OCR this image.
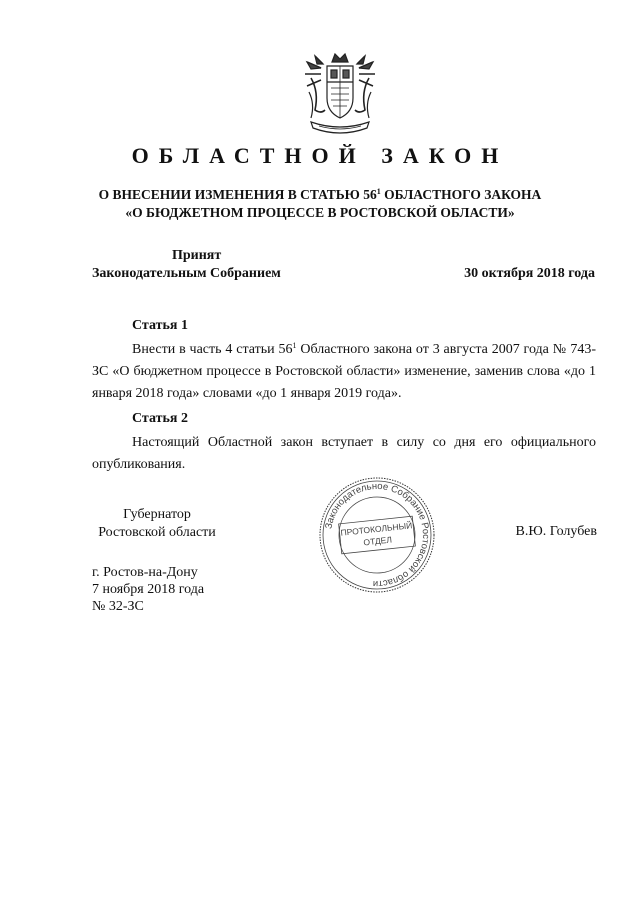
ОБЛАСТНОЙ ЗАКОН
О ВНЕСЕНИИ ИЗМЕНЕНИЯ В СТАТЬЮ $56^1$ ОБЛАСТНОГО ЗАКОНА
«О БЮДЖЕТНОМ ПРОЦЕССЕ В РОСТОВСКОЙ ОБЛАСТИ»
Принят
Законодательным Собранием	30 октября 2018 года
Статья 1
Внести в часть 4 статьи $56^1$ Областного закона от 3 августа 2007 года № 743-ЗС «О бюджетном процессе в Ростовской области» изменение, заменив слова «до 1 января 2018 года» словами «до 1 января 2019 года».
Статья 2
Настоящий Областной закон вступает в силу со дня его официального опубликования.
Губернатор
Ростовской области	Законодательное Собрание Ростовской области
ПРОТОКОЛЬНЫЙ
ОТДЕЛ
В.Ю. Голубев
г. Ростов-на-Дону
7 ноября 2018 года
№ 32-ЗС
